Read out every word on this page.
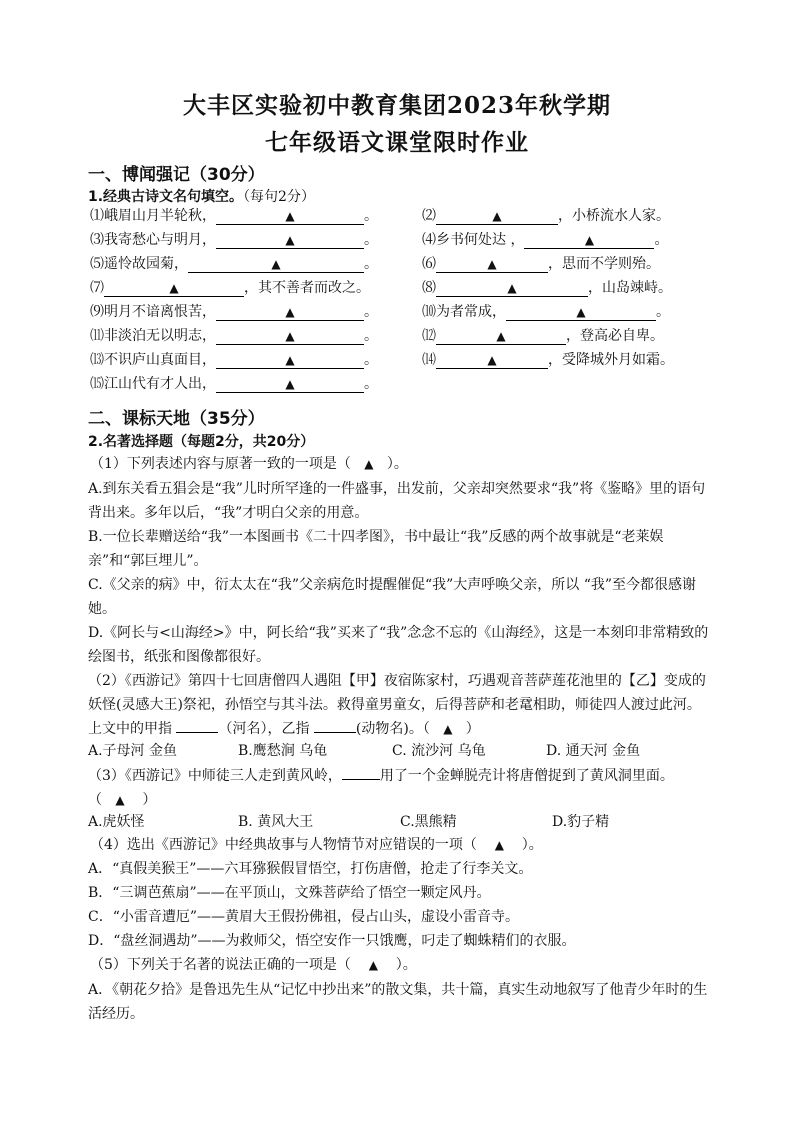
大丰区实验初中教育集团2023年秋学期
七年级语文课堂限时作业
一、博闻强记（30分）
1.经典古诗文名句填空。（每句2分）
⑴峨眉山月半轮秋，	▲	。	⑵	▲	，小桥流水人家。
⑶我寄愁心与明月，	▲	。	⑷乡书何处达 ，	▲	。
⑸遥怜故园菊，	▲	。	⑹	▲	，思而不学则殆。
⑺	▲	，其不善者而改之。	⑻	▲	，山岛竦峙。
⑼明月不谙离恨苦，	▲	。	⑽为者常成，	▲	。
⑾非淡泊无以明志，	▲	。	⑿	▲	，登高必自卑。
⒀不识庐山真面目，	▲	。	⒁	▲	，受降城外月如霜。
⒂江山代有才人出，	▲	。
二、课标天地（35分）
2.名著选择题（每题2分，共20分）
（1）下列表述内容与原著一致的一项是（ ▲ ）。
A.到东关看五猖会是“我”儿时所罕逢的一件盛事，出发前，父亲却突然要求“我”将《鉴略》里的语句背出来。多年以后，“我”才明白父亲的用意。
B.一位长辈赠送给“我”一本图画书《二十四孝图》，书中最让“我”反感的两个故事就是“老莱娱亲”和“郭巨埋儿”。
C.《父亲的病》中，衍太太在“我”父亲病危时提醒催促“我”大声呼唤父亲，所以 “我”至今都很感谢她。
D.《阿长与<山海经>》中，阿长给“我”买来了“我”念念不忘的《山海经》，这是一本刻印非常精致的绘图书，纸张和图像都很好。
（2）《西游记》第四十七回唐僧四人遇阻【甲】夜宿陈家村，巧遇观音菩萨莲花池里的【乙】变成的妖怪(灵感大王)祭祀，孙悟空与其斗法。救得童男童女，后得菩萨和老鼋相助，师徒四人渡过此河。上文中的甲指	（河名），乙指	(动物名)。（ ▲ ）
A.子母河 金鱼	B.鹰愁涧 乌龟	C. 流沙河 乌龟	D. 通天河 金鱼
（3）《西游记》中师徒三人走到黄风岭，	用了一个金蝉脱壳计将唐僧捉到了黄风洞里面。（ ▲ ）
A.虎妖怪	B. 黄风大王	C.黑熊精	D.豹子精
（4）选出《西游记》中经典故事与人物情节对应错误的一项（ ▲ ）。
A．“真假美猴王”——六耳猕猴假冒悟空，打伤唐僧，抢走了行李关文。
B．“三调芭蕉扇”——在平顶山，文殊菩萨给了悟空一颗定风丹。
C．“小雷音遭厄”——黄眉大王假扮佛祖，侵占山头，虚设小雷音寺。
D．“盘丝洞遇劫”——为救师父，悟空安作一只饿鹰，叼走了蜘蛛精们的衣服。
（5）下列关于名著的说法正确的一项是（ ▲ ）。
A．《朝花夕拾》是鲁迅先生从“记忆中抄出来”的散文集，共十篇，真实生动地叙写了他青少年时的生活经历。
